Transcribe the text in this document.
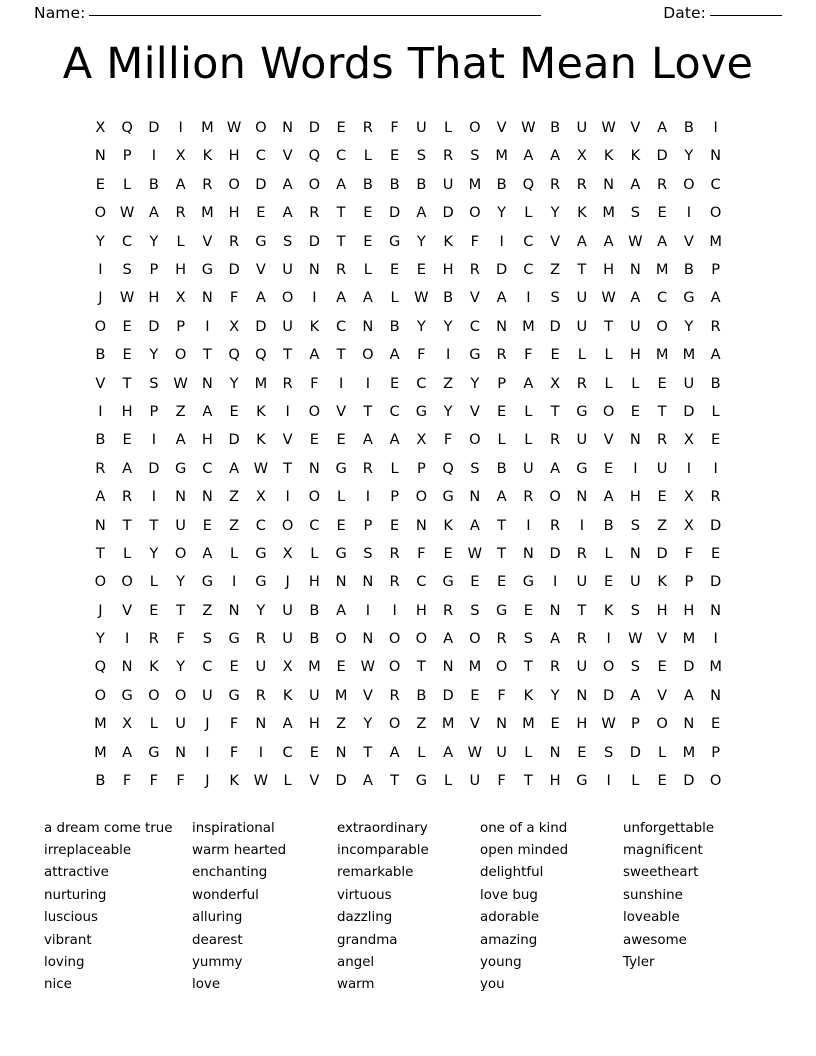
Name:	Date:
A Million Words That Mean Love
X	Q	D	I	M W O	N	D	E	R	F	U	L	O	V W B	U W V	A	B	I
N	P	I	X	K	H	C	V	Q	C	L	E	S	R	S	M	A	A	X	K	K	D	Y	N
E	L	B	A	R	O	D	A	O	A	B	B	B	U	M	B	Q	R	R	N	A	R	O	C
O W A	R	M	H	E	A	R	T	E	D	A	D	O	Y	L	Y	K	M	S	E	I	O
Y	C	Y	L	V	R	G	S	D	T	E	G	Y	K	F	I	C	V	A	A W A	V	M
I	S	P	H	G	D	V	U	N	R	L	E	E	H	R	D	C	Z	T	H	N	M	B	P
J	W H	X	N	F	A	O	I	A	A	L	W B	V	A	I	S	U W A	C	G	A
O	E	D	P	I	X	D	U	K	C	N	B	Y	Y	C	N	M	D	U	T	U	O	Y	R
B	E	Y	O	T	Q	Q	T	A	T	O	A	F	I	G	R	F	E	L	L	H	M M	A
V	T	S	W N	Y	M	R	F	I	I	E	C	Z	Y	P	A	X	R	L	L	E	U	B
I	H	P	Z	A	E	K	I	O	V	T	C	G	Y	V	E	L	T	G	O	E	T	D	L
B	E	I	A	H	D	K	V	E	E	A	A	X	F	O	L	L	R	U	V	N	R	X	E
R	A	D	G	C	A W	T	N	G	R	L	P	Q	S	B	U	A	G	E	I	U	I	I
A	R	I	N	N	Z	X	I	O	L	I	P	O	G	N	A	R	O	N	A	H	E	X	R
N	T	T	U	E	Z	C	O	C	E	P	E	N	K	A	T	I	R	I	B	S	Z	X	D
T	L	Y	O	A	L	G	X	L	G	S	R	F	E	W	T	N	D	R	L	N	D	F	E
O	O	L	Y	G	I	G	J	H	N	N	R	C	G	E	E	G	I	U	E	U	K	P	D
J	V	E	T	Z	N	Y	U	B	A	I	I	H	R	S	G	E	N	T	K	S	H	H	N
Y	I	R	F	S	G	R	U	B	O	N	O	O	A	O	R	S	A	R	I	W V	M	I
Q	N	K	Y	C	E	U	X	M	E	W O	T	N	M	O	T	R	U	O	S	E	D	M
O	G	O	O	U	G	R	K	U	M	V	R	B	D	E	F	K	Y	N	D	A	V	A	N
M	X	L	U	J	F	N	A	H	Z	Y	O	Z	M	V	N	M	E	H W	P	O	N	E
M	A	G	N	I	F	I	C	E	N	T	A	L	A W U	L	N	E	S	D	L	M	P
B	F	F	F	J	K	W	L	V	D	A	T	G	L	U	F	T	H	G	I	L	E	D	O
a dream come true
irreplaceable
attractive
nurturing
luscious
vibrant
loving
nice
inspirational
warm hearted
enchanting
wonderful
alluring
dearest
yummy
love
extraordinary
incomparable
remarkable
virtuous
dazzling
grandma
angel
warm
one of a kind
open minded
delightful
love bug
adorable
amazing
young
you
unforgettable
magnificent
sweetheart
sunshine
loveable
awesome
Tyler
